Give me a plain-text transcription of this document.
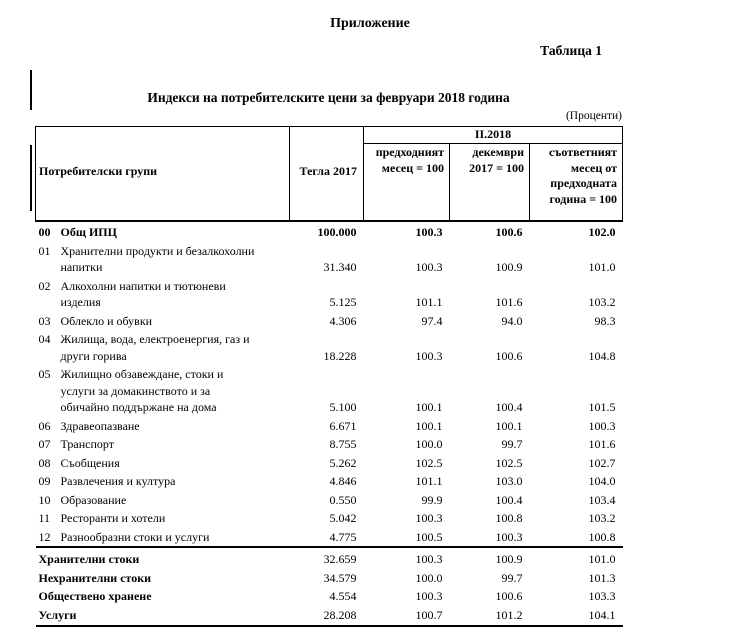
Приложение
Таблица 1
Индекси на потребителските цени за февруари 2018 година
(Проценти)
Потребителски групи		Тегла 2017	II.2018		
			предходният месец = 100	декември 2017 = 100	съответният месец от предходната година = 100
00	Общ ИПЦ	100.000	100.3	100.6	102.0
01	Хранителни продукти и безалкохолни напитки	31.340	100.3	100.9	101.0
02	Алкохолни напитки и тютюневи изделия	5.125	101.1	101.6	103.2
03	Облекло и обувки	4.306	97.4	94.0	98.3
04	Жилища, вода, електроенергия, газ и други горива	18.228	100.3	100.6	104.8
05	Жилищно обзавеждане, стоки и услуги за домакинството и за обичайно поддържане на дома	5.100	100.1	100.4	101.5
06	Здравеопазване	6.671	100.1	100.1	100.3
07	Транспорт	8.755	100.0	99.7	101.6
08	Съобщения	5.262	102.5	102.5	102.7
09	Развлечения и култура	4.846	101.1	103.0	104.0
10	Образование	0.550	99.9	100.4	103.4
11	Ресторанти и хотели	5.042	100.3	100.8	103.2
12	Разнообразни стоки и услуги	4.775	100.5	100.3	100.8
Хранителни стоки		32.659	100.3	100.9	101.0
Нехранителни стоки		34.579	100.0	99.7	101.3
Обществено хранене		4.554	100.3	100.6	103.3
Услуги		28.208	100.7	101.2	104.1
